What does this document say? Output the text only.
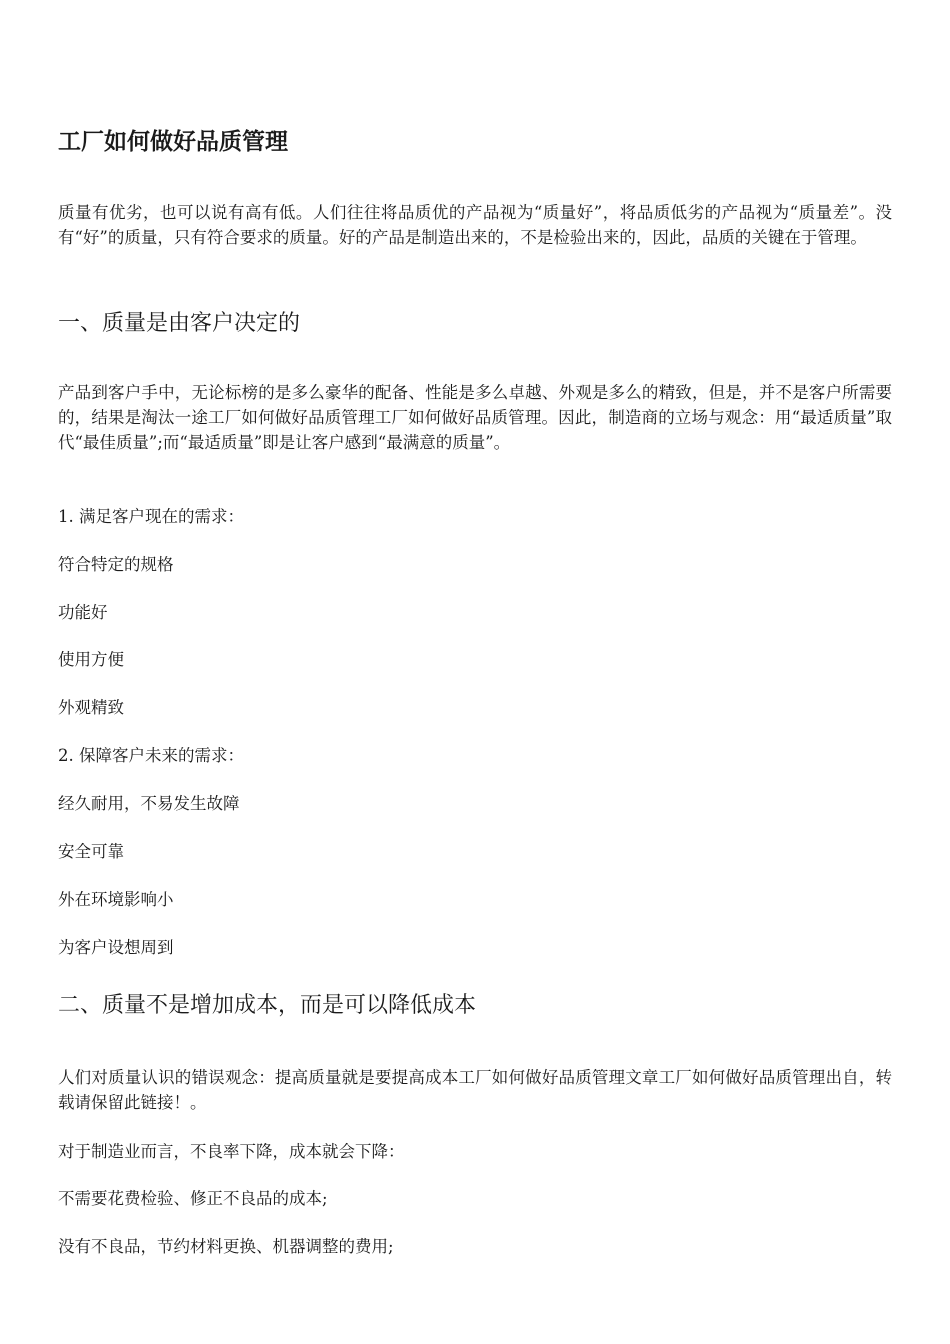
工厂如何做好品质管理

质量有优劣，也可以说有高有低。人们往往将品质优的产品视为“质量好”，将品质低劣的产品视为“质量差”。没有“好”的质量，只有符合要求的质量。好的产品是制造出来的，不是检验出来的，因此，品质的关键在于管理。

一、质量是由客户决定的

产品到客户手中，无论标榜的是多么豪华的配备、性能是多么卓越、外观是多么的精致，但是，并不是客户所需要的，结果是淘汰一途工厂如何做好品质管理工厂如何做好品质管理。因此，制造商的立场与观念：用“最适质量”取代“最佳质量”;而“最适质量”即是让客户感到“最满意的质量”。

1. 满足客户现在的需求：
符合特定的规格
功能好
使用方便
外观精致
2. 保障客户未来的需求：
经久耐用，不易发生故障
安全可靠
外在环境影响小
为客户设想周到
二、质量不是增加成本，而是可以降低成本

人们对质量认识的错误观念：提高质量就是要提高成本工厂如何做好品质管理文章工厂如何做好品质管理出自，转载请保留此链接！。

对于制造业而言，不良率下降，成本就会下降：
不需要花费检验、修正不良品的成本;
没有不良品，节约材料更换、机器调整的费用;
